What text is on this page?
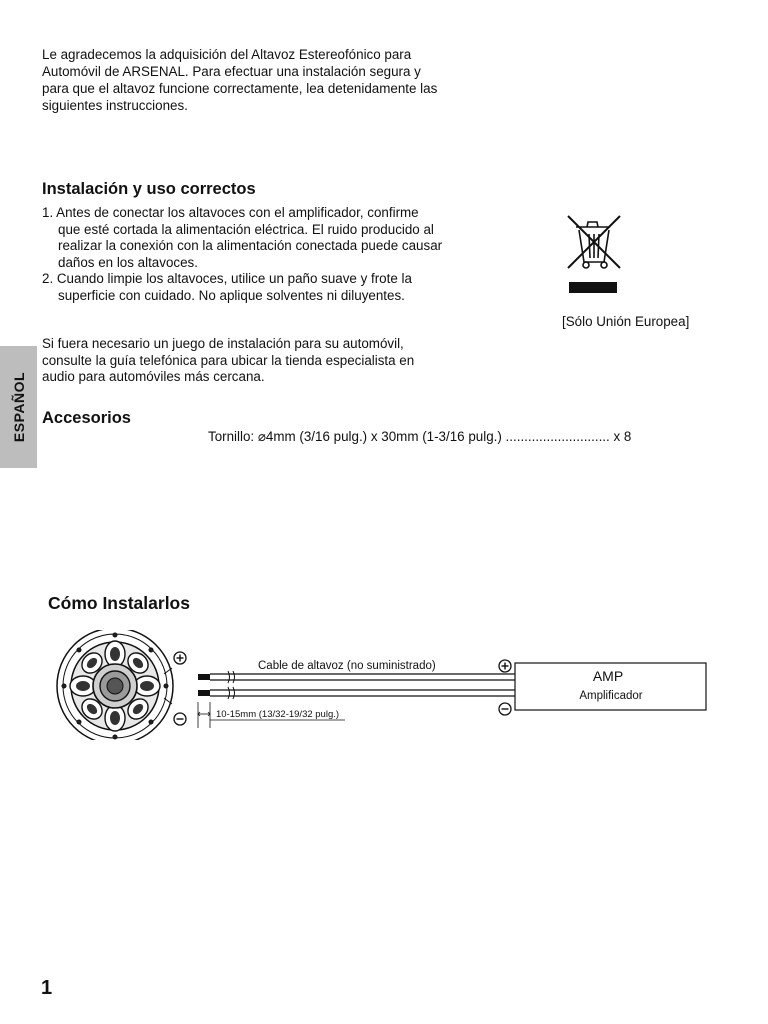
Le agradecemos la adquisición del Altavoz Estereofónico para
Automóvil de ARSENAL. Para efectuar una instalación segura y
para que el altavoz funcione correctamente, lea detenidamente las
siguientes instrucciones.
Instalación y uso correctos
1. Antes de conectar los altavoces con el amplificador, confirme
que esté cortada la alimentación eléctrica. El ruido producido al
realizar la conexión con la alimentación conectada puede causar
daños en los altavoces.
2. Cuando limpie los altavoces, utilice un paño suave y frote la
superficie con cuidado. No aplique solventes ni diluyentes.
Si fuera necesario un juego de instalación para su automóvil,
consulte la guía telefónica para ubicar la tienda especialista en
audio para automóviles más cercana.
[Sólo Unión Europea]
ESPAÑOL Accesorios
Tornillo: ⌀4mm (3/16 pulg.) x 30mm (1-3/16 pulg.) ............................ x 8
Cómo Instalarlos
10-15mm (13/32-19/32 pulg.)
Cable de altavoz (no suministrado)
AMP
Amplificador
1
